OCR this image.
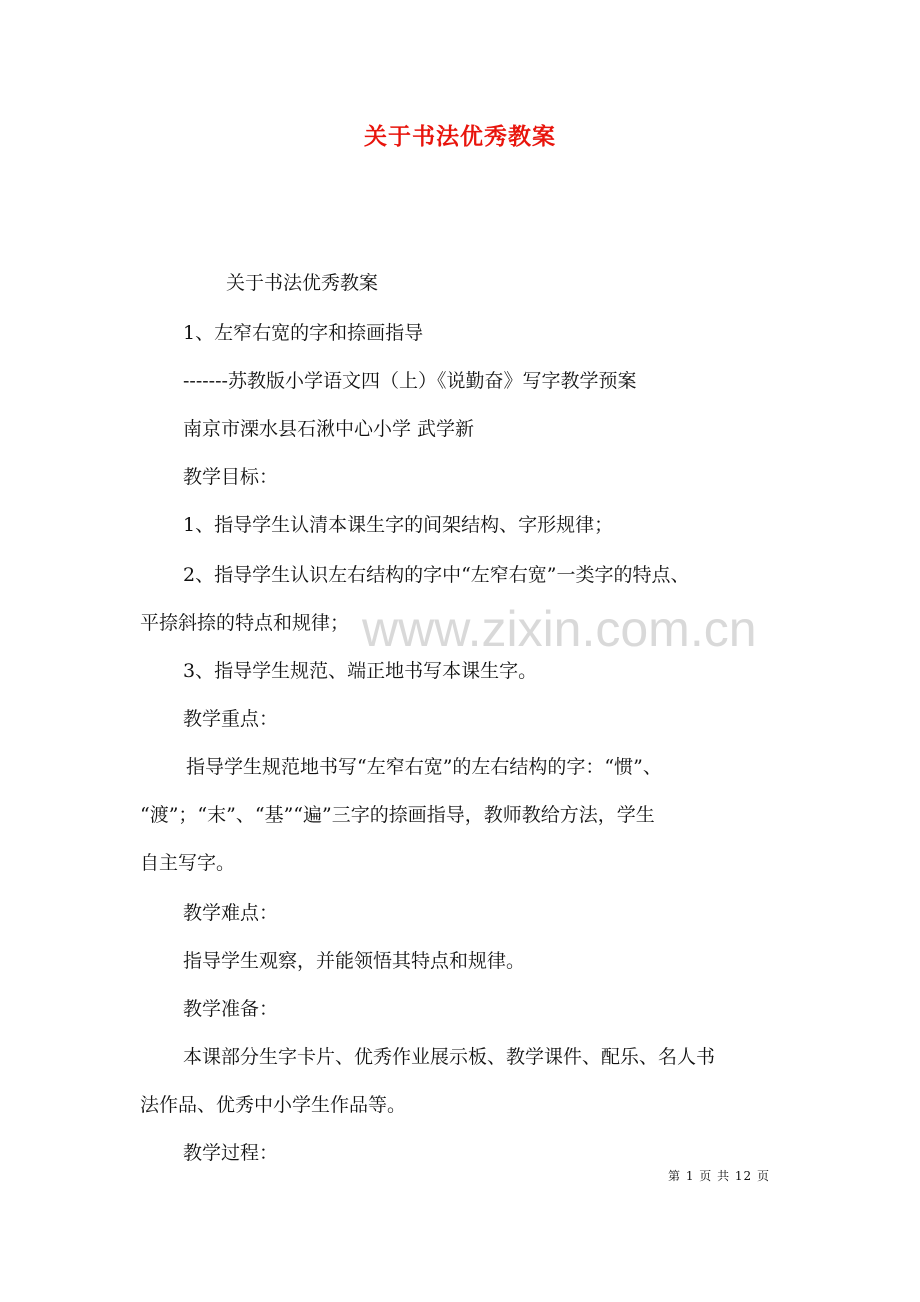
关于书法优秀教案
关于书法优秀教案
1、左窄右宽的字和捺画指导
-------苏教版小学语文四（上）《说勤奋》写字教学预案
南京市溧水县石湫中心小学 武学新
教学目标：
1、指导学生认清本课生字的间架结构、字形规律；
2、指导学生认识左右结构的字中“左窄右宽”一类字的特点、
平捺斜捺的特点和规律；
3、指导学生规范、端正地书写本课生字。
教学重点：
指导学生规范地书写“左窄右宽”的左右结构的字：“惯”、
“渡”；“末”、“基”“遍”三字的捺画指导，教师教给方法，学生
自主写字。
教学难点：
指导学生观察，并能领悟其特点和规律。
教学准备：
本课部分生字卡片、优秀作业展示板、教学课件、配乐、名人书
法作品、优秀中小学生作品等。
教学过程：
www.zixin.com.cn
第 1 页 共 12 页
